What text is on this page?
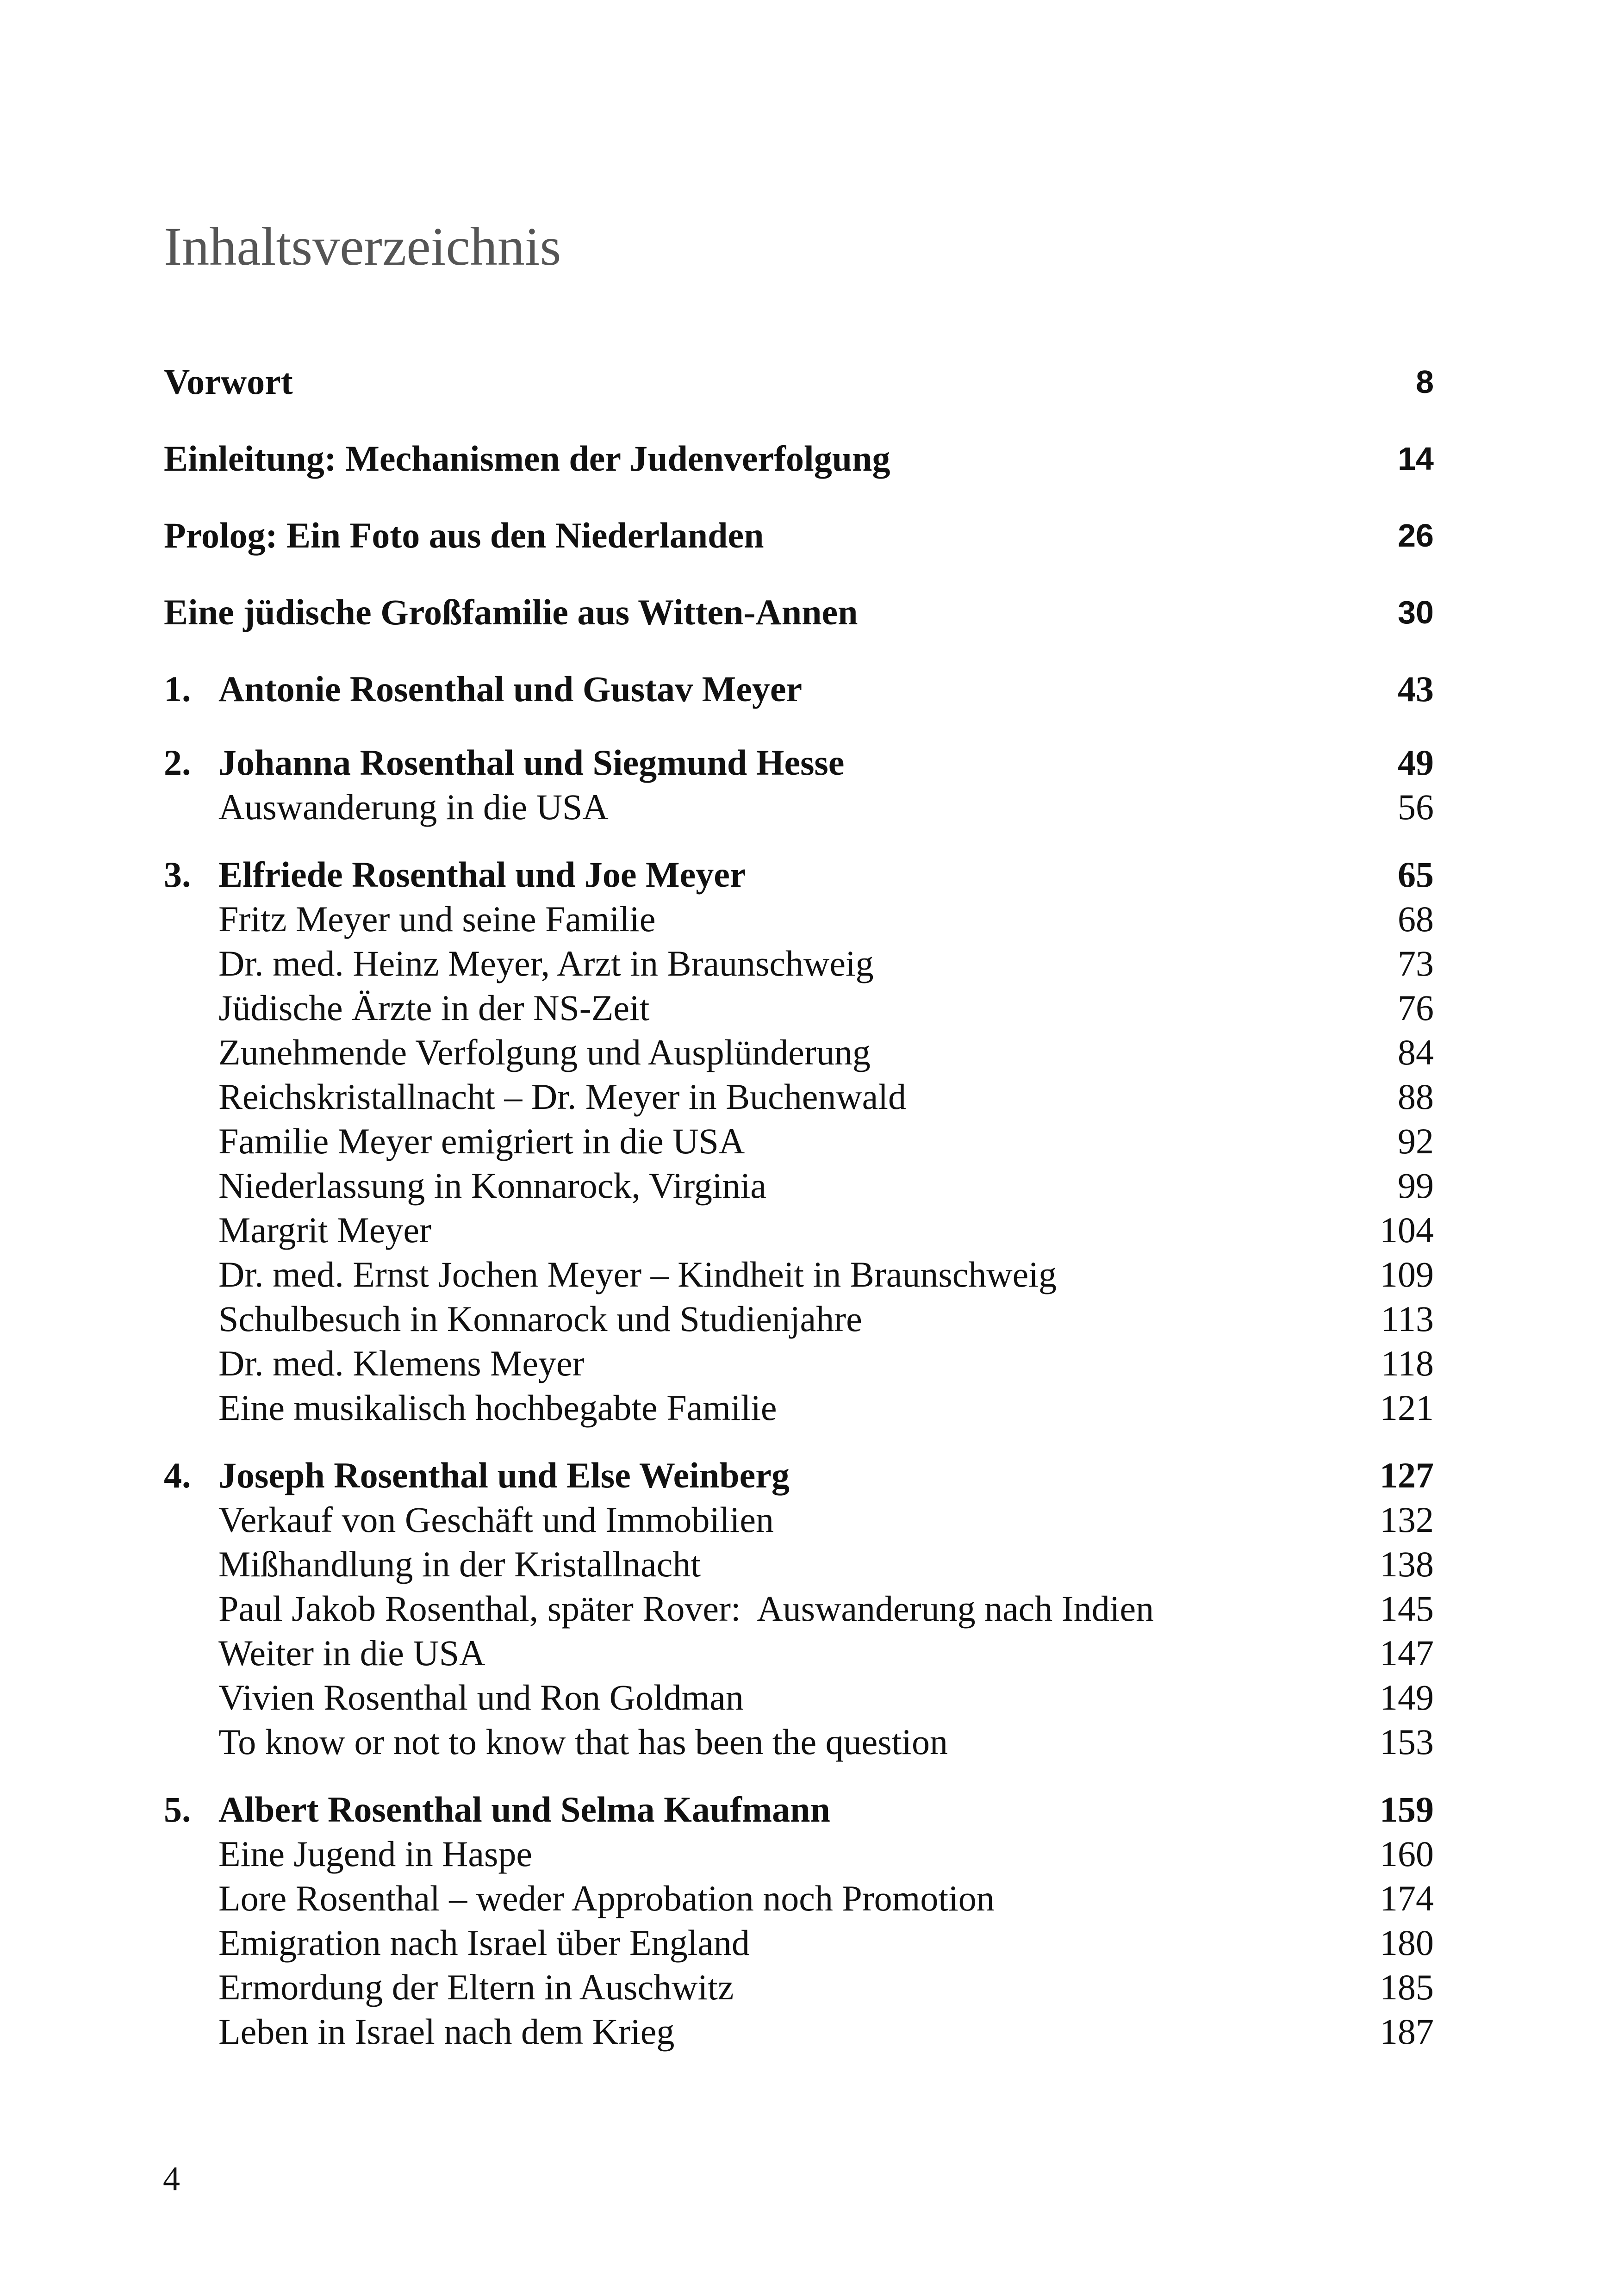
Inhaltsverzeichnis
Vorwort	8
Einleitung: Mechanismen der Judenverfolgung	14
Prolog: Ein Foto aus den Niederlanden	26
Eine jüdische Großfamilie aus Witten-Annen	30
1. Antonie Rosenthal und Gustav Meyer	43
2. Johanna Rosenthal und Siegmund Hesse	49
Auswanderung in die USA	56
3. Elfriede Rosenthal und Joe Meyer	65
Fritz Meyer und seine Familie	68
Dr. med. Heinz Meyer, Arzt in Braunschweig	73
Jüdische Ärzte in der NS-Zeit	76
Zunehmende Verfolgung und Ausplünderung	84
Reichskristallnacht – Dr. Meyer in Buchenwald	88
Familie Meyer emigriert in die USA	92
Niederlassung in Konnarock, Virginia	99
Margrit Meyer	104
Dr. med. Ernst Jochen Meyer – Kindheit in Braunschweig	109
Schulbesuch in Konnarock und Studienjahre	113
Dr. med. Klemens Meyer	118
Eine musikalisch hochbegabte Familie	121
4. Joseph Rosenthal und Else Weinberg	127
Verkauf von Geschäft und Immobilien	132
Mißhandlung in der Kristallnacht	138
Paul Jakob Rosenthal, später Rover:  Auswanderung nach Indien	145
Weiter in die USA	147
Vivien Rosenthal und Ron Goldman	149
To know or not to know that has been the question	153
5. Albert Rosenthal und Selma Kaufmann	159
Eine Jugend in Haspe	160
Lore Rosenthal – weder Approbation noch Promotion	174
Emigration nach Israel über England	180
Ermordung der Eltern in Auschwitz	185
Leben in Israel nach dem Krieg	187
4
